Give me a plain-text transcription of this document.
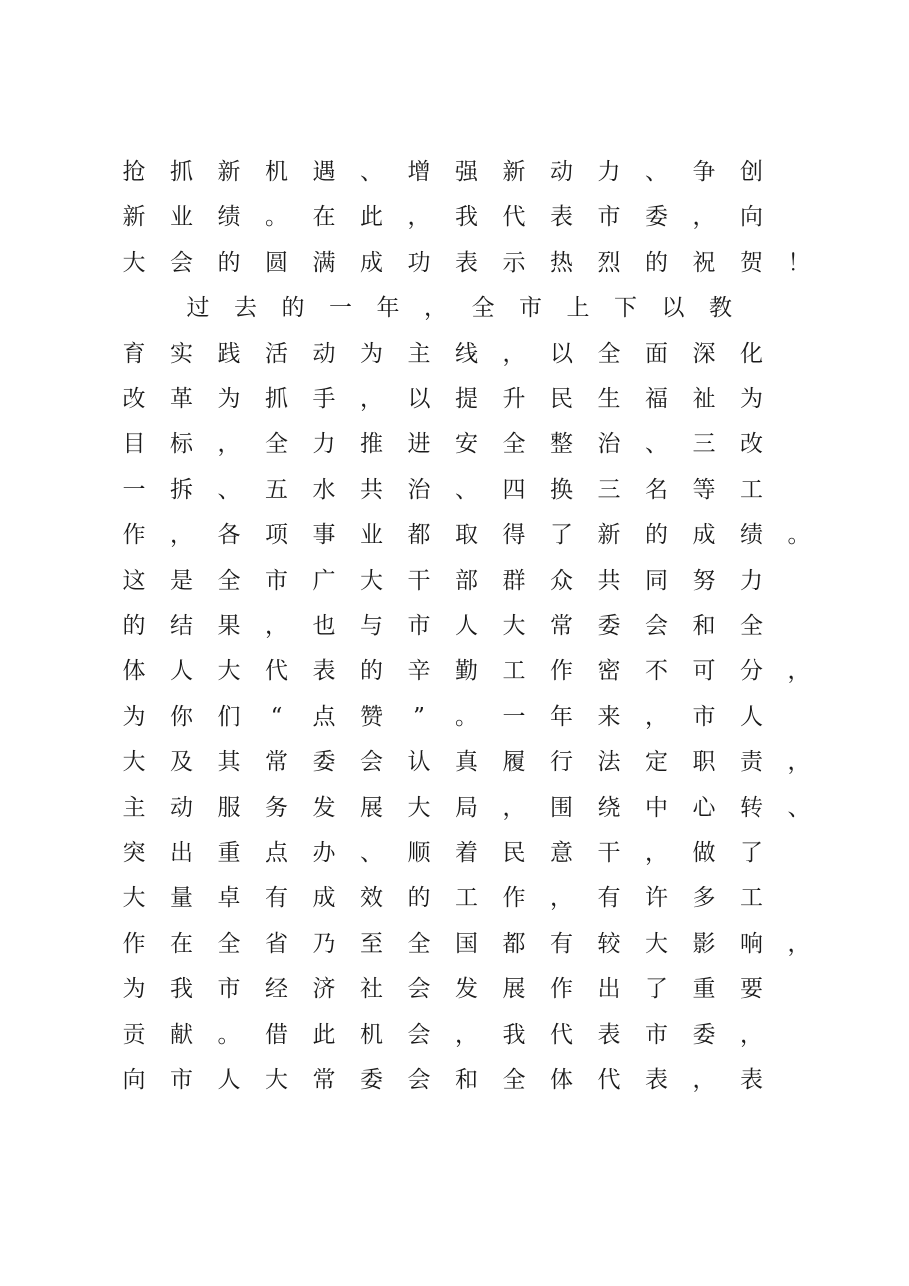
抢 抓 新 机 遇 、 增 强 新 动 力 、 争 创
新 业 绩 。 在 此 ， 我 代 表 市 委 ， 向
大 会 的 圆 满 成 功 表 示 热 烈 的 祝 贺 ！
过 去 的 一 年 ， 全 市 上 下 以 教
育 实 践 活 动 为 主 线 ， 以 全 面 深 化
改 革 为 抓 手 ， 以 提 升 民 生 福 祉 为
目 标 ， 全 力 推 进 安 全 整 治 、 三 改
一 拆 、 五 水 共 治 、 四 换 三 名 等 工
作 ， 各 项 事 业 都 取 得 了 新 的 成 绩 。
这 是 全 市 广 大 干 部 群 众 共 同 努 力
的 结 果 ， 也 与 市 人 大 常 委 会 和 全
体 人 大 代 表 的 辛 勤 工 作 密 不 可 分 ，
为 你 们	“	点 赞	”	。 一 年 来 ， 市 人
大 及 其 常 委 会 认 真 履 行 法 定 职 责 ，
主 动 服 务 发 展 大 局 ， 围 绕 中 心 转 、
突 出 重 点 办 、 顺 着 民 意 干 ， 做 了
大 量 卓 有 成 效 的 工 作 ， 有 许 多 工
作 在 全 省 乃 至 全 国 都 有 较 大 影 响 ，
为 我 市 经 济 社 会 发 展 作 出 了 重 要
贡 献 。 借 此 机 会 ， 我 代 表 市 委 ，
向 市 人 大 常 委 会 和 全 体 代 表 ， 表
